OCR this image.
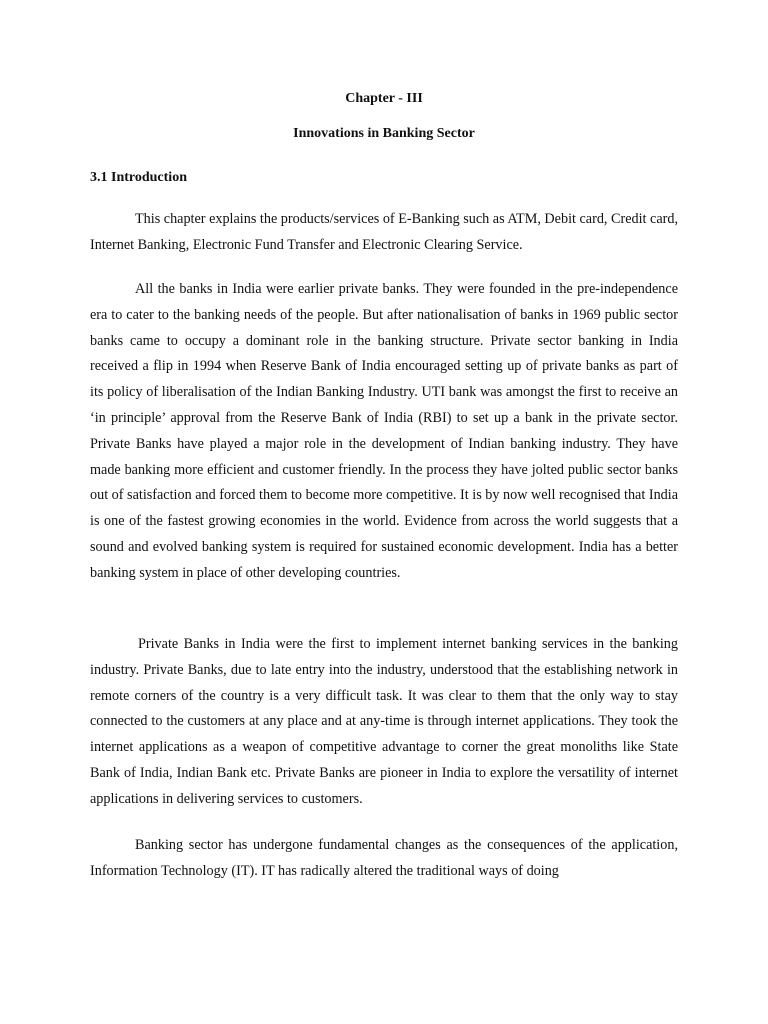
Chapter - III
Innovations in Banking Sector
3.1 Introduction

This chapter explains the products/services of E-Banking such as ATM, Debit card, Credit card, Internet Banking, Electronic Fund Transfer and Electronic Clearing Service.

All the banks in India were earlier private banks. They were founded in the pre-independence era to cater to the banking needs of the people. But after nationalisation of banks in 1969 public sector banks came to occupy a dominant role in the banking structure. Private sector banking in India received a flip in 1994 when Reserve Bank of India encouraged setting up of private banks as part of its policy of liberalisation of the Indian Banking Industry. UTI bank was amongst the first to receive an ‘in principle’ approval from the Reserve Bank of India (RBI) to set up a bank in the private sector. Private Banks have played a major role in the development of Indian banking industry. They have made banking more efficient and customer friendly. In the process they have jolted public sector banks out of satisfaction and forced them to become more competitive. It is by now well recognised that India is one of the fastest growing economies in the world. Evidence from across the world suggests that a sound and evolved banking system is required for sustained economic development. India has a better banking system in place of other developing countries.

Private Banks in India were the first to implement internet banking services in the banking industry. Private Banks, due to late entry into the industry, understood that the establishing network in remote corners of the country is a very difficult task. It was clear to them that the only way to stay connected to the customers at any place and at any-time is through internet applications. They took the internet applications as a weapon of competitive advantage to corner the great monoliths like State Bank of India, Indian Bank etc. Private Banks are pioneer in India to explore the versatility of internet applications in delivering services to customers.

Banking sector has undergone fundamental changes as the consequences of the application, Information Technology (IT). IT has radically altered the traditional ways of doing
